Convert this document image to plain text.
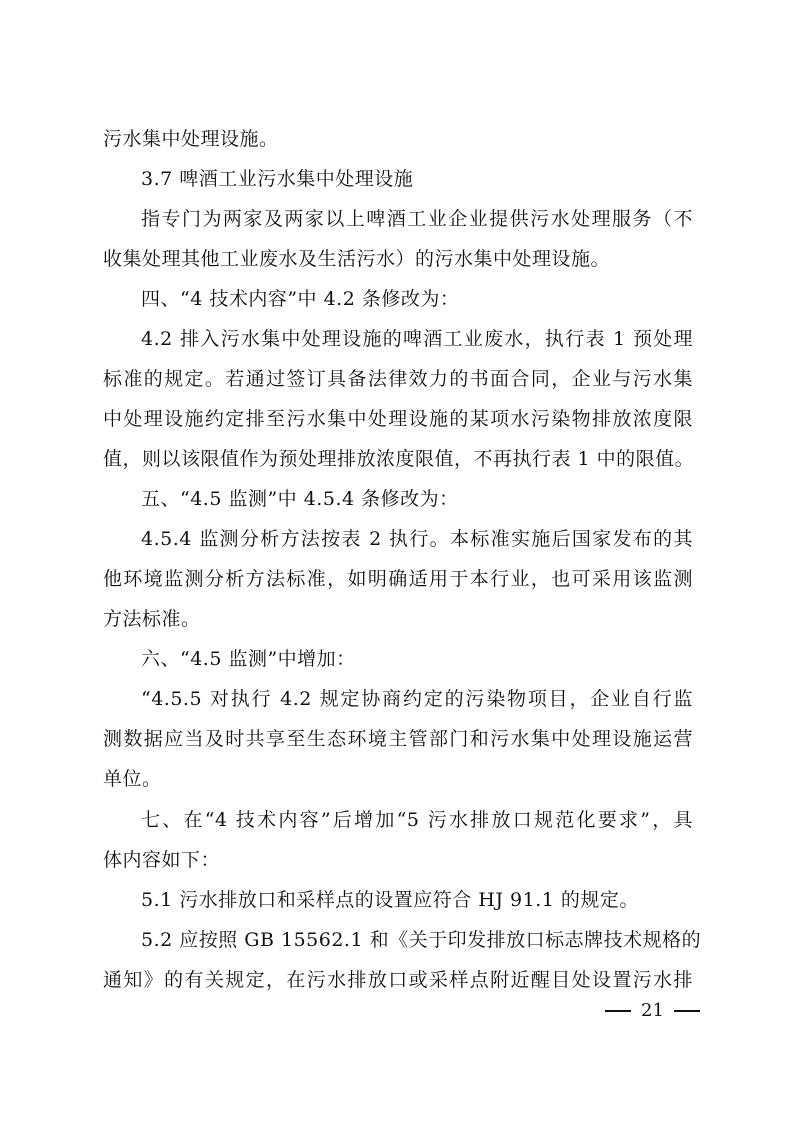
污水集中处理设施。
3.7 啤酒工业污水集中处理设施
指专门为两家及两家以上啤酒工业企业提供污水处理服务（不
收集处理其他工业废水及生活污水）的污水集中处理设施。
四、“4 技术内容”中 4.2 条修改为：
4.2 排入污水集中处理设施的啤酒工业废水，执行表 1 预处理
标准的规定。若通过签订具备法律效力的书面合同，企业与污水集
中处理设施约定排至污水集中处理设施的某项水污染物排放浓度限
值，则以该限值作为预处理排放浓度限值，不再执行表 1 中的限值。
五、“4.5 监测”中 4.5.4 条修改为：
4.5.4 监测分析方法按表 2 执行。本标准实施后国家发布的其
他环境监测分析方法标准，如明确适用于本行业，也可采用该监测
方法标准。
六、“4.5 监测”中增加：
“4.5.5 对执行 4.2 规定协商约定的污染物项目，企业自行监
测数据应当及时共享至生态环境主管部门和污水集中处理设施运营
单位。
七、在“4 技术内容”后增加“5 污水排放口规范化要求”，具
体内容如下：
5.1 污水排放口和采样点的设置应符合 HJ 91.1 的规定。
5.2 应按照 GB 15562.1 和《关于印发排放口标志牌技术规格的
通知》的有关规定，在污水排放口或采样点附近醒目处设置污水排
21
